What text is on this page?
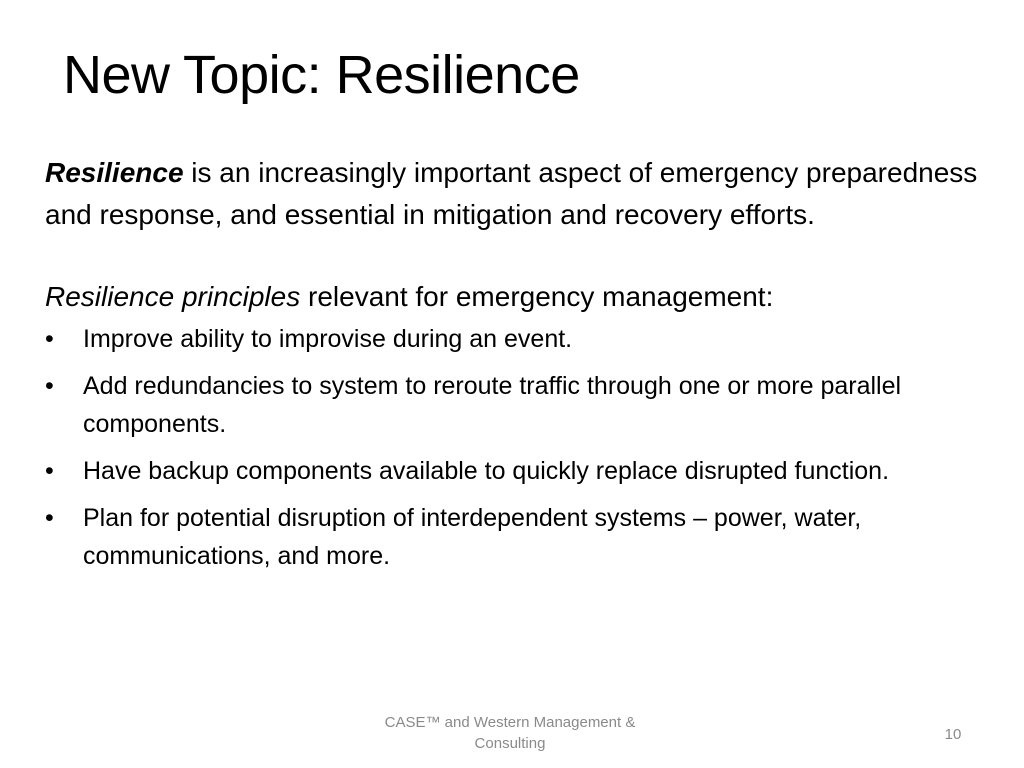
New Topic: Resilience

Resilience is an increasingly important aspect of emergency preparedness and response, and essential in mitigation and recovery efforts.

Resilience principles relevant for emergency management:

•	Improve ability to improvise during an event.
•	Add redundancies to system to reroute traffic through one or more parallel components.
•	Have backup components available to quickly replace disrupted function.
•	Plan for potential disruption of interdependent systems – power, water, communications, and more.
CASE™ and Western Management & Consulting
10
